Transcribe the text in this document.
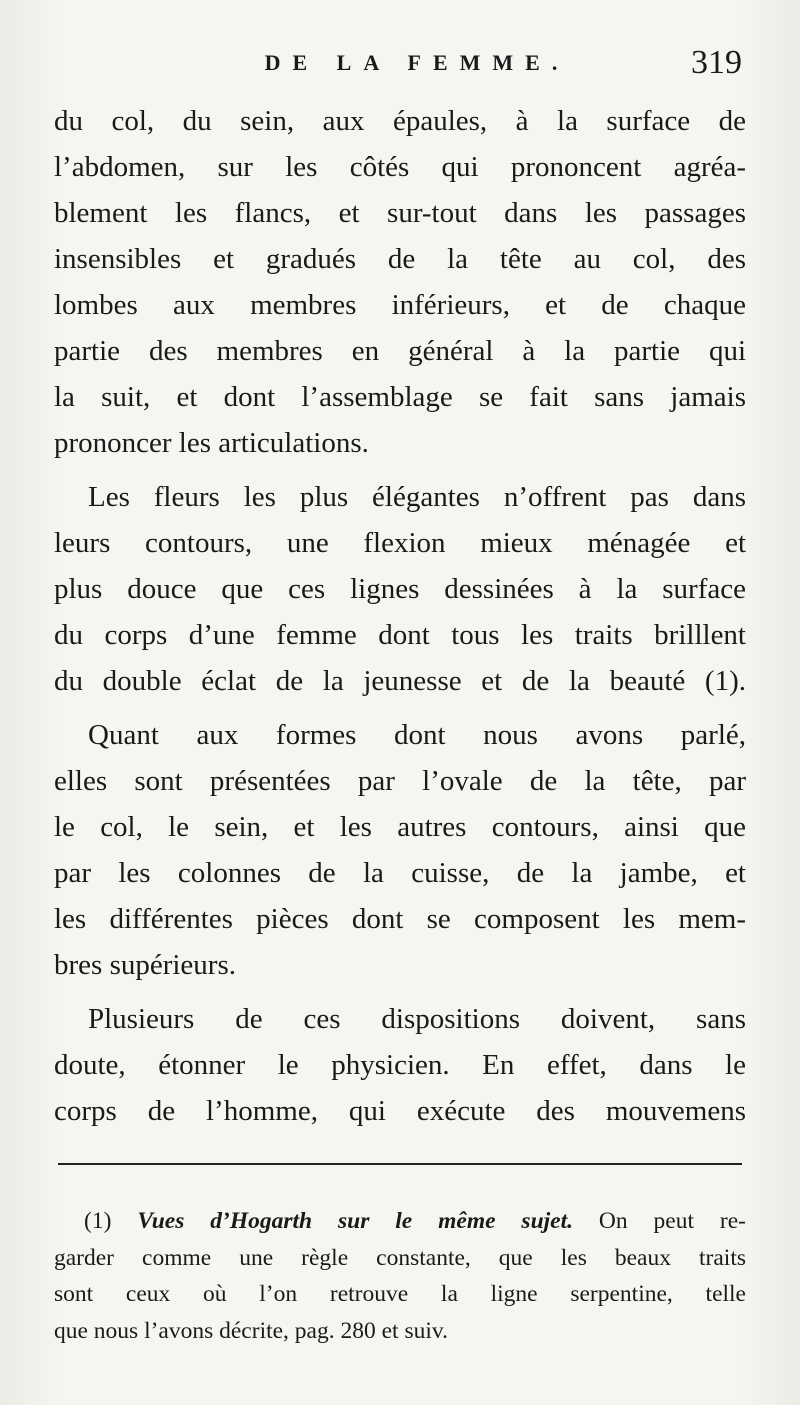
DE LA FEMME.	319

du col, du sein, aux épaules, à la surface de
l’abdomen, sur les côtés qui prononcent agréa-
blement les flancs, et sur-tout dans les passages
insensibles et gradués de la tête au col, des
lombes aux membres inférieurs, et de chaque
partie des membres en général à la partie qui
la suit, et dont l’assemblage se fait sans jamais
prononcer les articulations.

Les fleurs les plus élégantes n’offrent pas dans
leurs contours, une flexion mieux ménagée et
plus douce que ces lignes dessinées à la surface
du corps d’une femme dont tous les traits brilllent
du double éclat de la jeunesse et de la beauté (1).

Quant aux formes dont nous avons parlé,
elles sont présentées par l’ovale de la tête, par
le col, le sein, et les autres contours, ainsi que
par les colonnes de la cuisse, de la jambe, et
les différentes pièces dont se composent les mem-
bres supérieurs.

Plusieurs de ces dispositions doivent, sans
doute, étonner le physicien. En effet, dans le
corps de l’homme, qui exécute des mouvemens

(1) Vues d’Hogarth sur le même sujet. On peut re-
garder comme une règle constante, que les beaux traits
sont ceux où l’on retrouve la ligne serpentine, telle
que nous l’avons décrite, pag. 280 et suiv.
